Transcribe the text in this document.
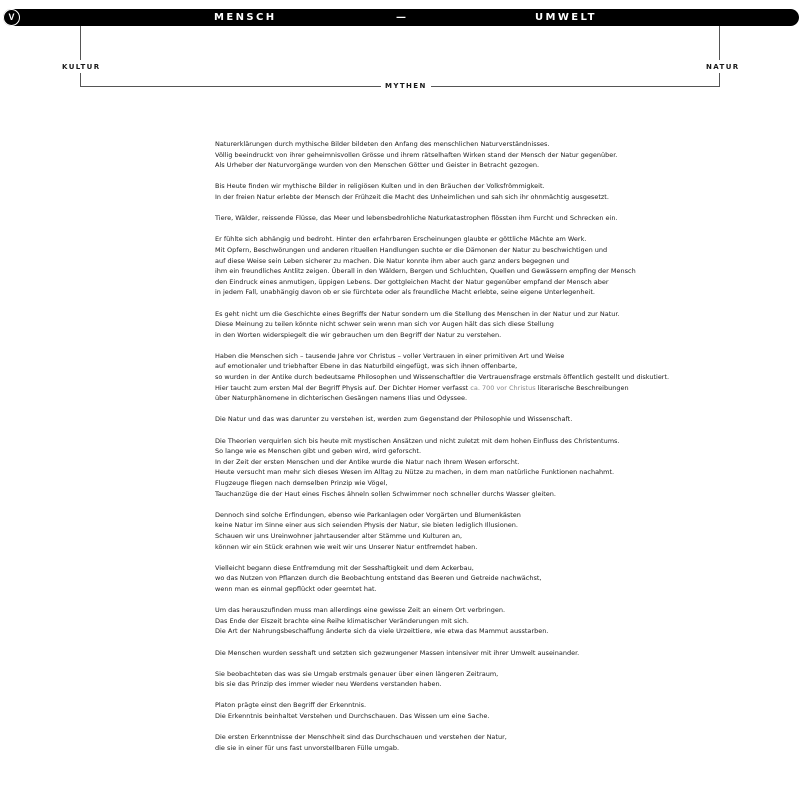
V	MENSCH	—	UMWELT
KULTUR	NATUR
MYTHEN

Naturerklärungen durch mythische Bilder bildeten den Anfang des menschlichen Naturverständnisses.
Völlig beeindruckt von ihrer geheimnisvollen Grösse und ihrem rätselhaften Wirken stand der Mensch der Natur gegenüber.
Als Urheber der Naturvorgänge wurden von den Menschen Götter und Geister in Betracht gezogen.

Bis Heute finden wir mythische Bilder in religiösen Kulten und in den Bräuchen der Volksfrömmigkeit.
In der freien Natur erlebte der Mensch der Frühzeit die Macht des Unheimlichen und sah sich ihr ohnmächtig ausgesetzt.

Tiere, Wälder, reissende Flüsse, das Meer und lebensbedrohliche Naturkatastrophen flössten ihm Furcht und Schrecken ein.

Er fühlte sich abhängig und bedroht. Hinter den erfahrbaren Erscheinungen glaubte er göttliche Mächte am Werk.
Mit Opfern, Beschwörungen und anderen rituellen Handlungen suchte er die Dämonen der Natur zu beschwichtigen und
auf diese Weise sein Leben sicherer zu machen. Die Natur konnte ihm aber auch ganz anders begegnen und
ihm ein freundliches Antlitz zeigen. Überall in den Wäldern, Bergen und Schluchten, Quellen und Gewässern empfing der Mensch
den Eindruck eines anmutigen, üppigen Lebens. Der gottgleichen Macht der Natur gegenüber empfand der Mensch aber
in jedem Fall, unabhängig davon ob er sie fürchtete oder als freundliche Macht erlebte, seine eigene Unterlegenheit.

Es geht nicht um die Geschichte eines Begriffs der Natur sondern um die Stellung des Menschen in der Natur und zur Natur.
Diese Meinung zu teilen könnte nicht schwer sein wenn man sich vor Augen hält das sich diese Stellung
in den Worten widerspiegelt die wir gebrauchen um den Begriff der Natur zu verstehen.

Haben die Menschen sich – tausende Jahre vor Christus – voller Vertrauen in einer primitiven Art und Weise
auf emotionaler und triebhafter Ebene in das Naturbild eingefügt, was sich ihnen offenbarte,
so wurden in der Antike durch bedeutsame Philosophen und Wissenschaftler die Vertrauensfrage erstmals öffentlich gestellt und diskutiert.
Hier taucht zum ersten Mal der Begriff Physis auf. Der Dichter Homer verfasst ca. 700 vor Christus literarische Beschreibungen
über Naturphänomene in dichterischen Gesängen namens Ilias und Odyssee.

Die Natur und das was darunter zu verstehen ist, werden zum Gegenstand der Philosophie und Wissenschaft.

Die Theorien verquirlen sich bis heute mit mystischen Ansätzen und nicht zuletzt mit dem hohen Einfluss des Christentums.
So lange wie es Menschen gibt und geben wird, wird geforscht.
In der Zeit der ersten Menschen und der Antike wurde die Natur nach Ihrem Wesen erforscht.
Heute versucht man mehr sich dieses Wesen im Alltag zu Nütze zu machen, in dem man natürliche Funktionen nachahmt.
Flugzeuge fliegen nach demselben Prinzip wie Vögel,
Tauchanzüge die der Haut eines Fisches ähneln sollen Schwimmer noch schneller durchs Wasser gleiten.

Dennoch sind solche Erfindungen, ebenso wie Parkanlagen oder Vorgärten und Blumenkästen
keine Natur im Sinne einer aus sich seienden Physis der Natur, sie bieten lediglich Illusionen.
Schauen wir uns Ureinwohner jahrtausender alter Stämme und Kulturen an,
können wir ein Stück erahnen wie weit wir uns Unserer Natur entfremdet haben.

Vielleicht begann diese Entfremdung mit der Sesshaftigkeit und dem Ackerbau,
wo das Nutzen von Pflanzen durch die Beobachtung entstand das Beeren und Getreide nachwächst,
wenn man es einmal gepflückt oder geerntet hat.

Um das herauszufinden muss man allerdings eine gewisse Zeit an einem Ort verbringen.
Das Ende der Eiszeit brachte eine Reihe klimatischer Veränderungen mit sich.
Die Art der Nahrungsbeschaffung änderte sich da viele Urzeittiere, wie etwa das Mammut ausstarben.

Die Menschen wurden sesshaft und setzten sich gezwungener Massen intensiver mit ihrer Umwelt auseinander.

Sie beobachteten das was sie Umgab erstmals genauer über einen längeren Zeitraum,
bis sie das Prinzip des immer wieder neu Werdens verstanden haben.

Platon prägte einst den Begriff der Erkenntnis.
Die Erkenntnis beinhaltet Verstehen und Durchschauen. Das Wissen um eine Sache.

Die ersten Erkenntnisse der Menschheit sind das Durchschauen und verstehen der Natur,
die sie in einer für uns fast unvorstellbaren Fülle umgab.
